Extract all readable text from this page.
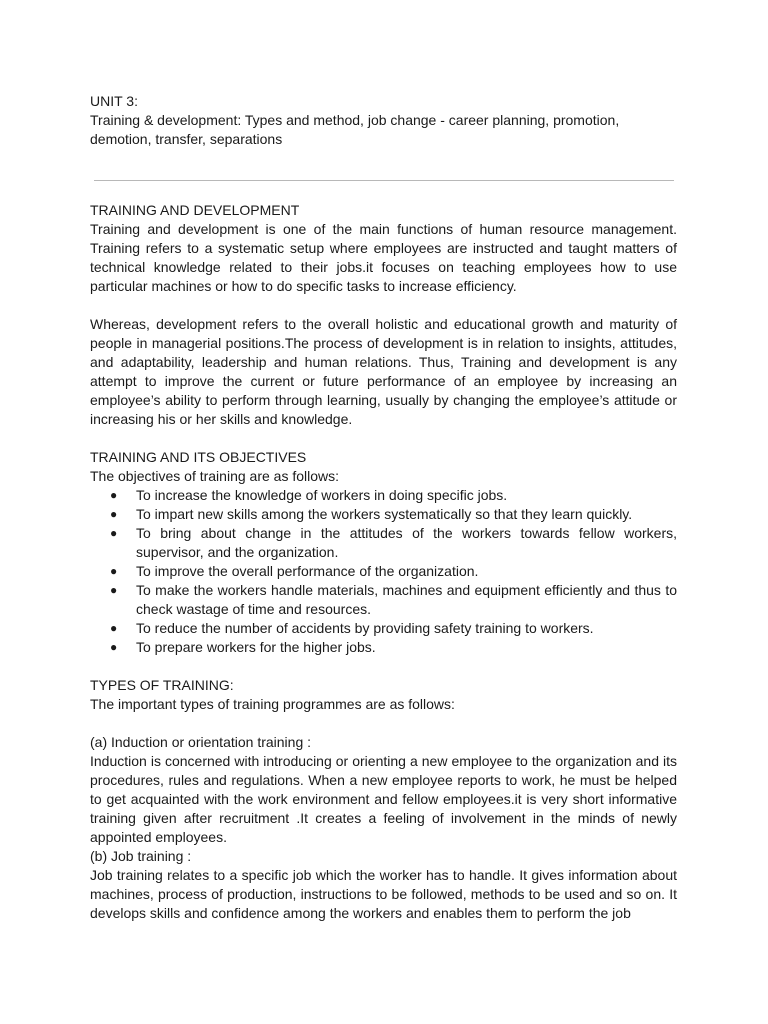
UNIT 3:

Training & development: Types and method, job change - career planning, promotion, demotion, transfer, separations

TRAINING AND DEVELOPMENT

Training and development is one of the main functions of human resource management. Training refers to a systematic setup where employees are instructed and taught matters of technical knowledge related to their jobs.it focuses on teaching employees how to use particular machines or how to do specific tasks to increase efficiency.

Whereas, development refers to the overall holistic and educational growth and maturity of people in managerial positions.The process of development is in relation to insights, attitudes, and adaptability, leadership and human relations. Thus, Training and development is any attempt to improve the current or future performance of an employee by increasing an employee’s ability to perform through learning, usually by changing the employee’s attitude or increasing his or her skills and knowledge.

TRAINING AND ITS OBJECTIVES
The objectives of training are as follows:
● To increase the knowledge of workers in doing specific jobs.
● To impart new skills among the workers systematically so that they learn quickly.
● To bring about change in the attitudes of the workers towards fellow workers, supervisor, and the organization.
● To improve the overall performance of the organization.
● To make the workers handle materials, machines and equipment efficiently and thus to check wastage of time and resources.
● To reduce the number of accidents by providing safety training to workers.
● To prepare workers for the higher jobs.
TYPES OF TRAINING:
The important types of training programmes are as follows:
(a) Induction or orientation training :

Induction is concerned with introducing or orienting a new employee to the organization and its procedures, rules and regulations. When a new employee reports to work, he must be helped to get acquainted with the work environment and fellow employees.it is very short informative training given after recruitment .It creates a feeling of involvement in the minds of newly appointed employees.

(b) Job training :

Job training relates to a specific job which the worker has to handle. It gives information about machines, process of production, instructions to be followed, methods to be used and so on. It develops skills and confidence among the workers and enables them to perform the job
